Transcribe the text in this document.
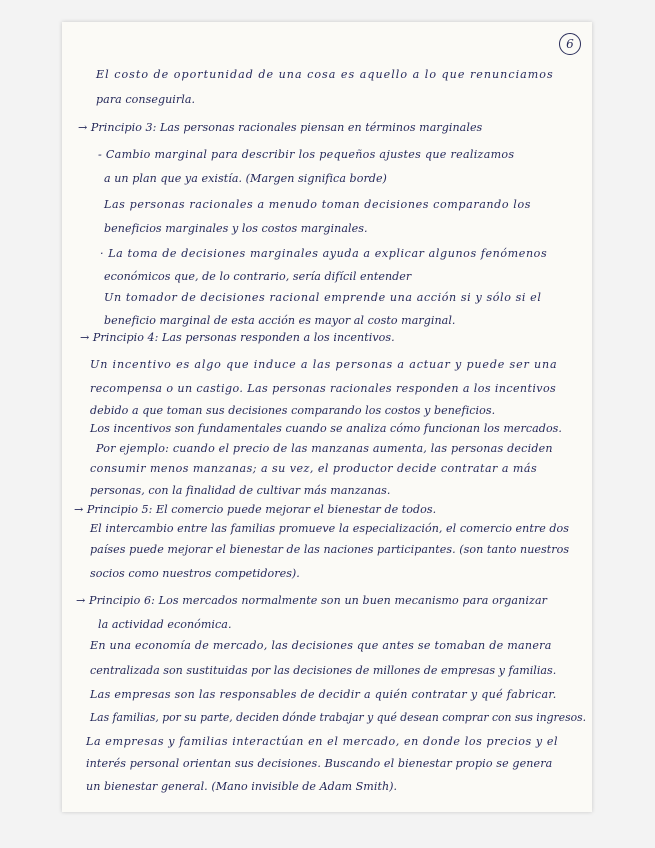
6
El costo de oportunidad de una cosa es aquello a lo que renunciamos
para conseguirla.
→ Principio 3: Las personas racionales piensan en términos marginales
- Cambio marginal para describir los pequeños ajustes que realizamos
a un plan que ya existía. (Margen significa borde)
Las personas racionales a menudo toman decisiones comparando los
beneficios marginales y los costos marginales.
· La toma de decisiones marginales ayuda a explicar algunos fenómenos
económicos que, de lo contrario, sería difícil entender
Un tomador de decisiones racional emprende una acción si y sólo si el
beneficio marginal de esta acción es mayor al costo marginal.
→ Principio 4: Las personas responden a los incentivos.
Un incentivo es algo que induce a las personas a actuar y puede ser una
recompensa o un castigo. Las personas racionales responden a los incentivos
debido a que toman sus decisiones comparando los costos y beneficios.
Los incentivos son fundamentales cuando se analiza cómo funcionan los mercados.
Por ejemplo: cuando el precio de las manzanas aumenta, las personas deciden
consumir menos manzanas; a su vez, el productor decide contratar a más
personas, con la finalidad de cultivar más manzanas.
→ Principio 5: El comercio puede mejorar el bienestar de todos.
El intercambio entre las familias promueve la especialización, el comercio entre dos
países puede mejorar el bienestar de las naciones participantes. (son tanto nuestros
socios como nuestros competidores).
→ Principio 6: Los mercados normalmente son un buen mecanismo para organizar
la actividad económica.
En una economía de mercado, las decisiones que antes se tomaban de manera
centralizada son sustituidas por las decisiones de millones de empresas y familias.
Las empresas son las responsables de decidir a quién contratar y qué fabricar.
Las familias, por su parte, deciden dónde trabajar y qué desean comprar con sus ingresos.
La empresas y familias interactúan en el mercado, en donde los precios y el
interés personal orientan sus decisiones. Buscando el bienestar propio se genera
un bienestar general. (Mano invisible de Adam Smith).
